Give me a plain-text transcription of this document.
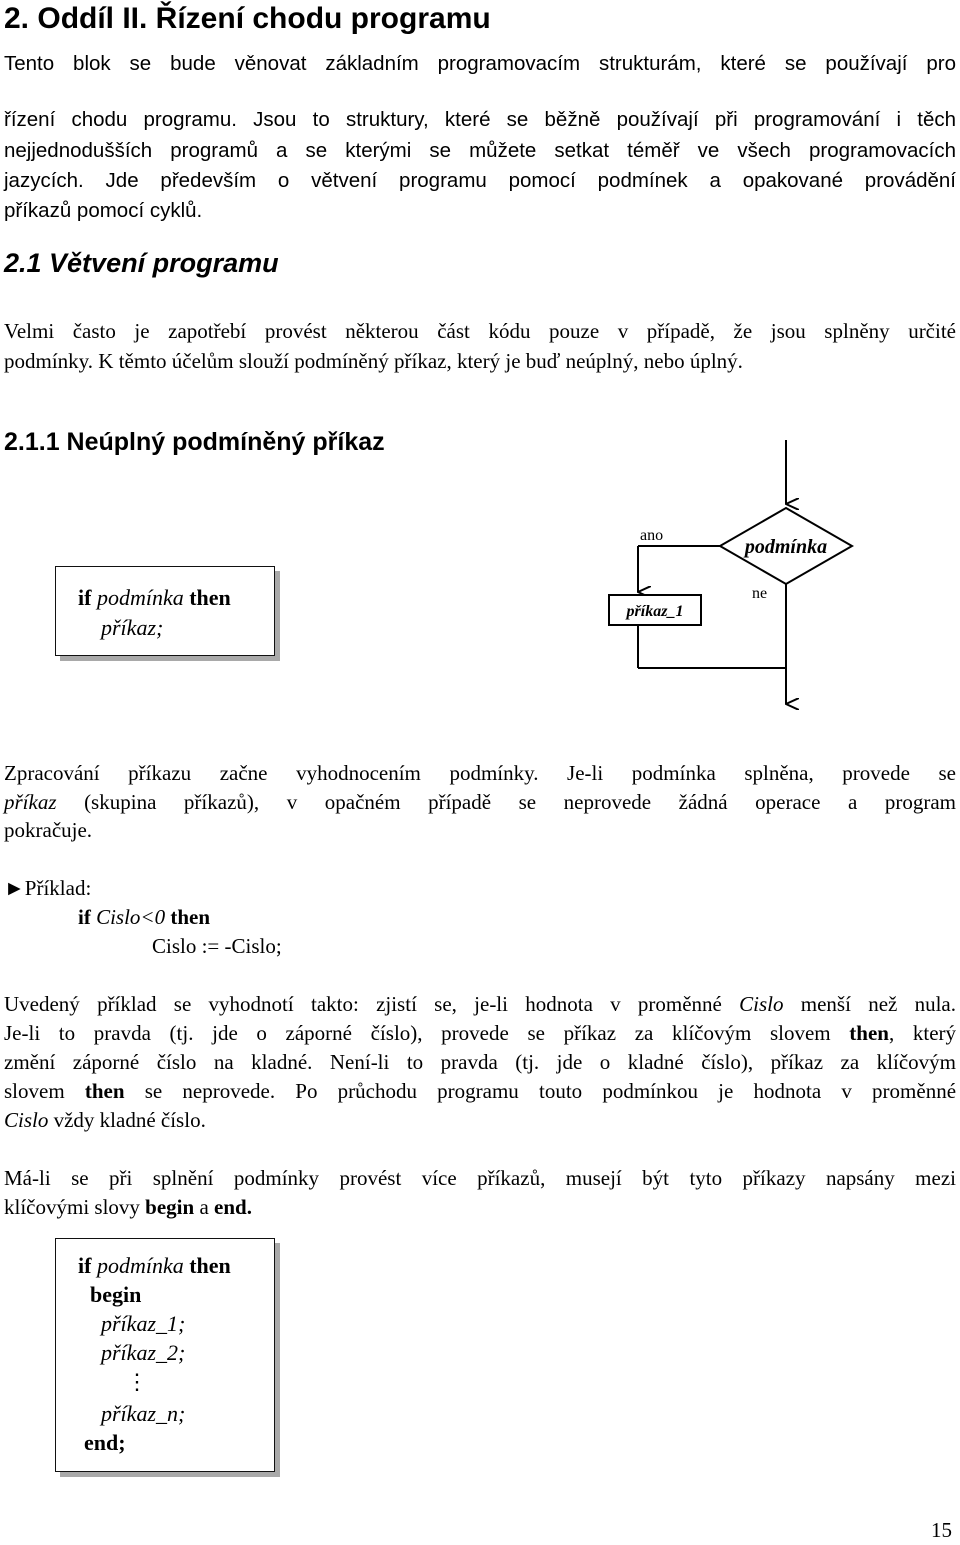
2. Oddíl II. Řízení chodu programu
Tento blok se bude věnovat základním programovacím strukturám, které se používají pro
řízení chodu programu. Jsou to struktury, které se běžně používají při programování i těch
nejjednodušších programů a se kterými se můžete setkat téměř ve všech programovacích
jazycích. Jde především o větvení programu pomocí podmínek a opakované provádění
příkazů pomocí cyklů.
2.1 Větvení programu
Velmi často je zapotřebí provést některou část kódu pouze v případě, že jsou splněny určité
podmínky. K těmto účelům slouží podmíněný příkaz, který je buď neúplný, nebo úplný.
2.1.1 Neúplný podmíněný příkaz
if podmínka then
příkaz;
podmínka
ano
příkaz_1
ne
Zpracování příkazu začne vyhodnocením podmínky. Je-li podmínka splněna, provede se
příkaz (skupina příkazů), v opačném případě se neprovede žádná operace a program
pokračuje.
►Příklad:
if Cislo<0 then
Cislo := -Cislo;
Uvedený příklad se vyhodnotí takto: zjistí se, je-li hodnota v proměnné Cislo menší než nula.
Je-li to pravda (tj. jde o záporné číslo), provede se příkaz za klíčovým slovem then, který
změní záporné číslo na kladné. Není-li to pravda (tj. jde o kladné číslo), příkaz za klíčovým
slovem then se neprovede. Po průchodu programu touto podmínkou je hodnota v proměnné
Cislo vždy kladné číslo.
Má-li se při splnění podmínky provést více příkazů, musejí být tyto příkazy napsány mezi
klíčovými slovy begin a end.
if podmínka then
begin
příkaz_1;
příkaz_2;
⋮
příkaz_n;
end;
15
